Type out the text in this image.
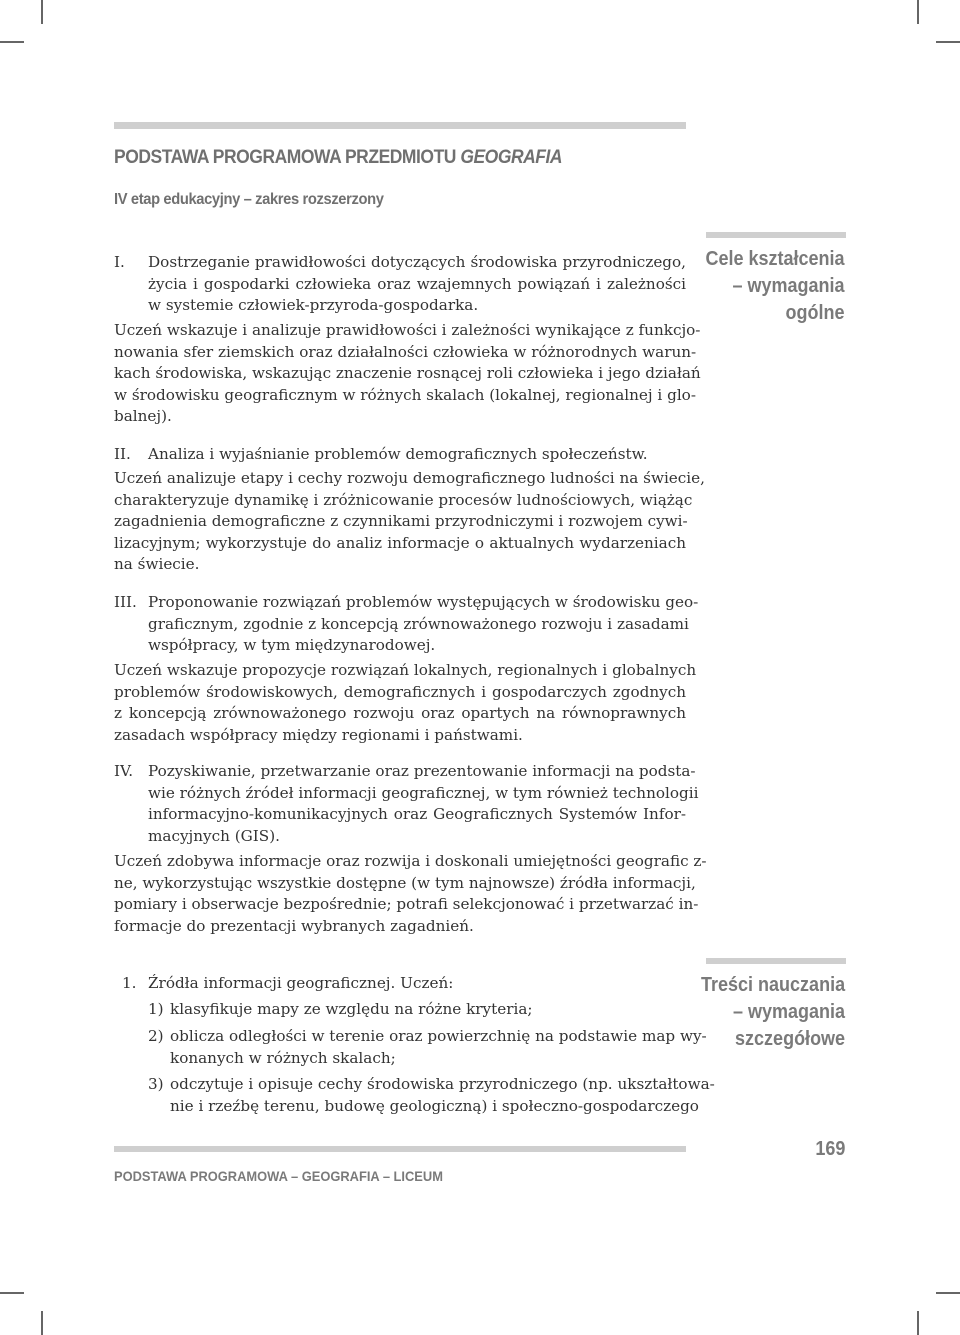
PODSTAWA PROGRAMOWA PRZEDMIOTU GEOGRAFIA
IV etap edukacyjny – zakres rozszerzony
Cele kształcenia
– wymagania
ogólne
I. Dostrzeganie prawidłowości dotyczących środowiska przyrodniczego,
życia i gospodarki człowieka oraz wzajemnych powiązań i zależności
w systemie człowiek-przyroda-gospodarka.
Uczeń wskazuje i analizuje prawidłowości i zależności wynikające z funkcjo-
nowania sfer ziemskich oraz działalności człowieka w różnorodnych warun-
kach środowiska, wskazując znaczenie rosnącej roli człowieka i jego działań
w środowisku geograficznym w różnych skalach (lokalnej, regionalnej i glo-
balnej).
II. Analiza i wyjaśnianie problemów demograficznych społeczeństw.
Uczeń analizuje etapy i cechy rozwoju demograficznego ludności na świecie,
charakteryzuje dynamikę i zróżnicowanie procesów ludnościowych, wiążąc
zagadnienia demograficzne z czynnikami przyrodniczymi i rozwojem cywi-
lizacyjnym; wykorzystuje do analiz informacje o aktualnych wydarzeniach
na świecie.
III. Proponowanie rozwiązań problemów występujących w środowisku geo-
graficznym, zgodnie z koncepcją zrównoważonego rozwoju i zasadami
współpracy, w tym międzynarodowej.
Uczeń wskazuje propozycje rozwiązań lokalnych, regionalnych i globalnych
problemów środowiskowych, demograficznych i gospodarczych zgodnych
z koncepcją zrównoważonego rozwoju oraz opartych na równoprawnych
zasadach współpracy między regionami i państwami.
IV. Pozyskiwanie, przetwarzanie oraz prezentowanie informacji na podsta-
wie różnych źródeł informacji geograficznej, w tym również technologii
informacyjno-komunikacyjnych oraz Geograficznych Systemów Infor-
macyjnych (GIS).
Uczeń zdobywa informacje oraz rozwija i doskonali umiejętności geografic z-
ne, wykorzystując wszystkie dostępne (w tym najnowsze) źródła informacji,
pomiary i obserwacje bezpośrednie; potrafi selekcjonować i przetwarzać in-
formacje do prezentacji wybranych zagadnień.
Treści nauczania
– wymagania
szczegółowe
1. Źródła informacji geograficznej. Uczeń:
1) klasyfikuje mapy ze względu na różne kryteria;
2) oblicza odległości w terenie oraz powierzchnię na podstawie map wy-
konanych w różnych skalach;
3) odczytuje i opisuje cechy środowiska przyrodniczego (np. ukształtowa-
nie i rzeźbę terenu, budowę geologiczną) i społeczno-gospodarczego
PODSTAWA PROGRAMOWA – GEOGRAFIA – LICEUM
169
